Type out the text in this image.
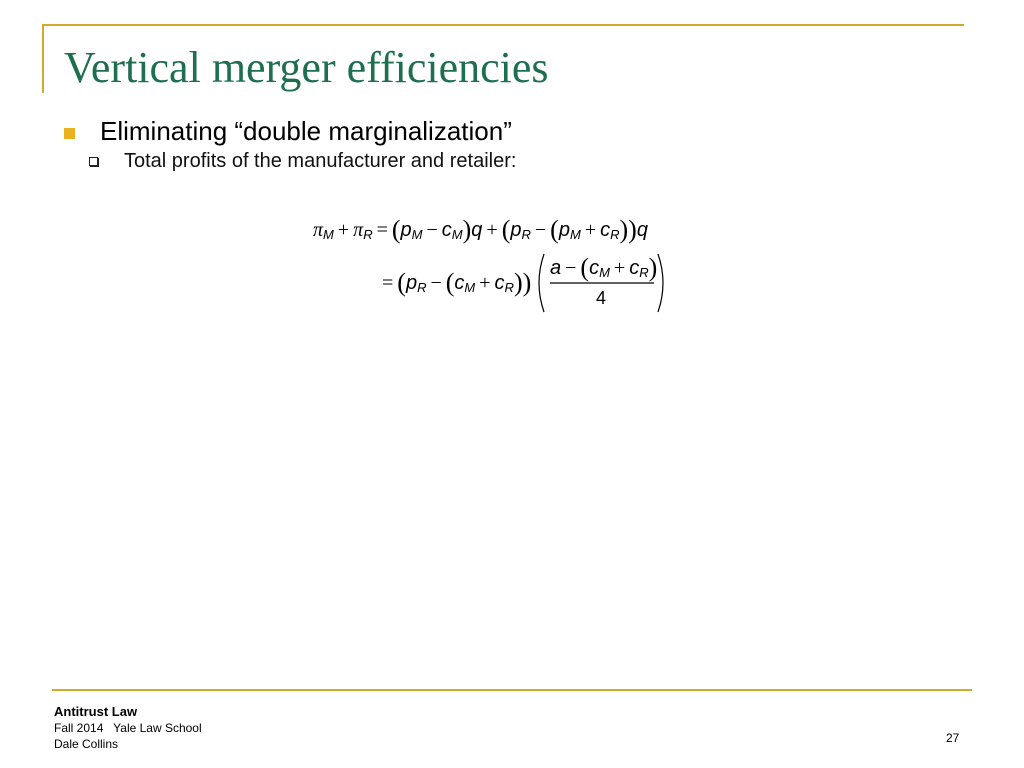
Vertical merger efficiencies
Eliminating “double marginalization”
Total profits of the manufacturer and retailer:
$\pi_M + \pi_R = (p_M - c_M)q + (p_R - (p_M + c_R))q$
= $(p_R - (c_M + c_R)) a - (c_M + c_R)$
4
Antitrust Law
Fall 2014   Yale Law School
Dale Collins	27
